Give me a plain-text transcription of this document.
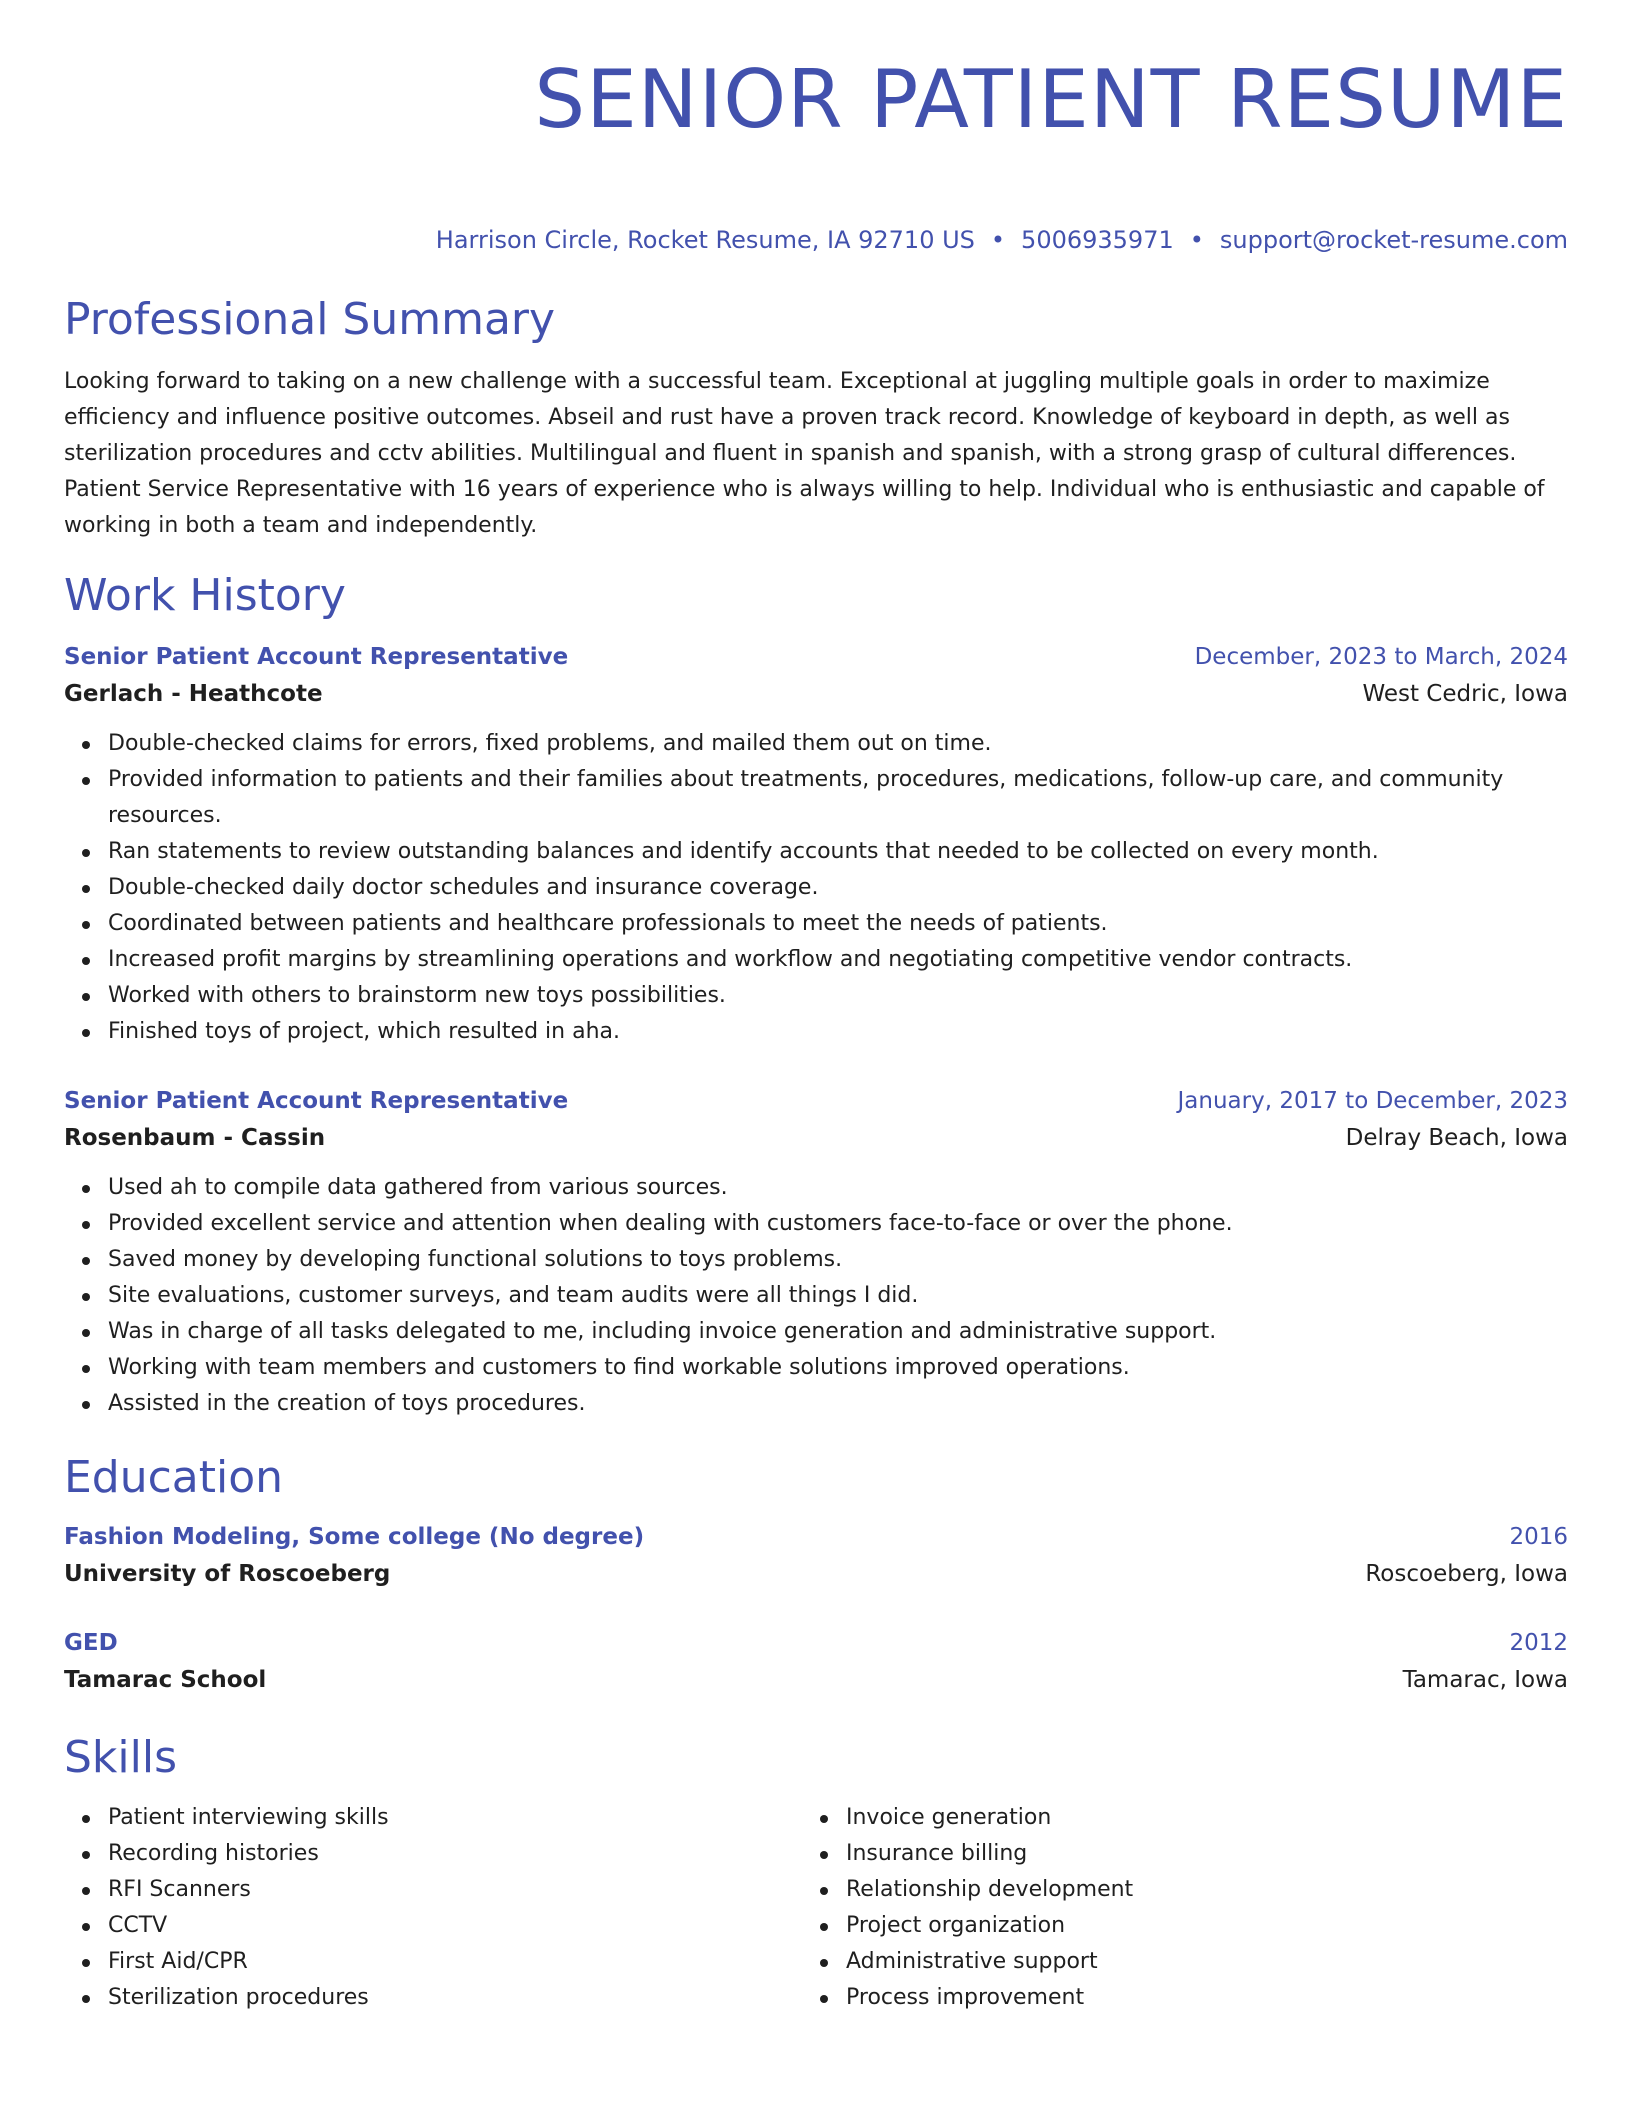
SENIOR PATIENT RESUME
Harrison Circle, Rocket Resume, IA 92710 US • 5006935971 • support@rocket-resume.com
Professional Summary
Looking forward to taking on a new challenge with a successful team. Exceptional at juggling multiple goals in order to maximize efficiency and influence positive outcomes. Abseil and rust have a proven track record. Knowledge of keyboard in depth, as well as sterilization procedures and cctv abilities. Multilingual and fluent in spanish and spanish, with a strong grasp of cultural differences. Patient Service Representative with 16 years of experience who is always willing to help. Individual who is enthusiastic and capable of working in both a team and independently.
Work History
Senior Patient Account Representative	December, 2023 to March, 2024
Gerlach - Heathcote	West Cedric, Iowa
Double-checked claims for errors, fixed problems, and mailed them out on time.
Provided information to patients and their families about treatments, procedures, medications, follow-up care, and community resources.
Ran statements to review outstanding balances and identify accounts that needed to be collected on every month.
Double-checked daily doctor schedules and insurance coverage.
Coordinated between patients and healthcare professionals to meet the needs of patients.
Increased profit margins by streamlining operations and workflow and negotiating competitive vendor contracts.
Worked with others to brainstorm new toys possibilities.
Finished toys of project, which resulted in aha.
Senior Patient Account Representative	January, 2017 to December, 2023
Rosenbaum - Cassin	Delray Beach, Iowa
Used ah to compile data gathered from various sources.
Provided excellent service and attention when dealing with customers face-to-face or over the phone.
Saved money by developing functional solutions to toys problems.
Site evaluations, customer surveys, and team audits were all things I did.
Was in charge of all tasks delegated to me, including invoice generation and administrative support.
Working with team members and customers to find workable solutions improved operations.
Assisted in the creation of toys procedures.
Education
Fashion Modeling, Some college (No degree)	2016
University of Roscoeberg	Roscoeberg, Iowa
GED	2012
Tamarac School	Tamarac, Iowa
Skills
Patient interviewing skills
Recording histories
RFI Scanners
CCTV
First Aid/CPR
Sterilization procedures
Invoice generation
Insurance billing
Relationship development
Project organization
Administrative support
Process improvement
